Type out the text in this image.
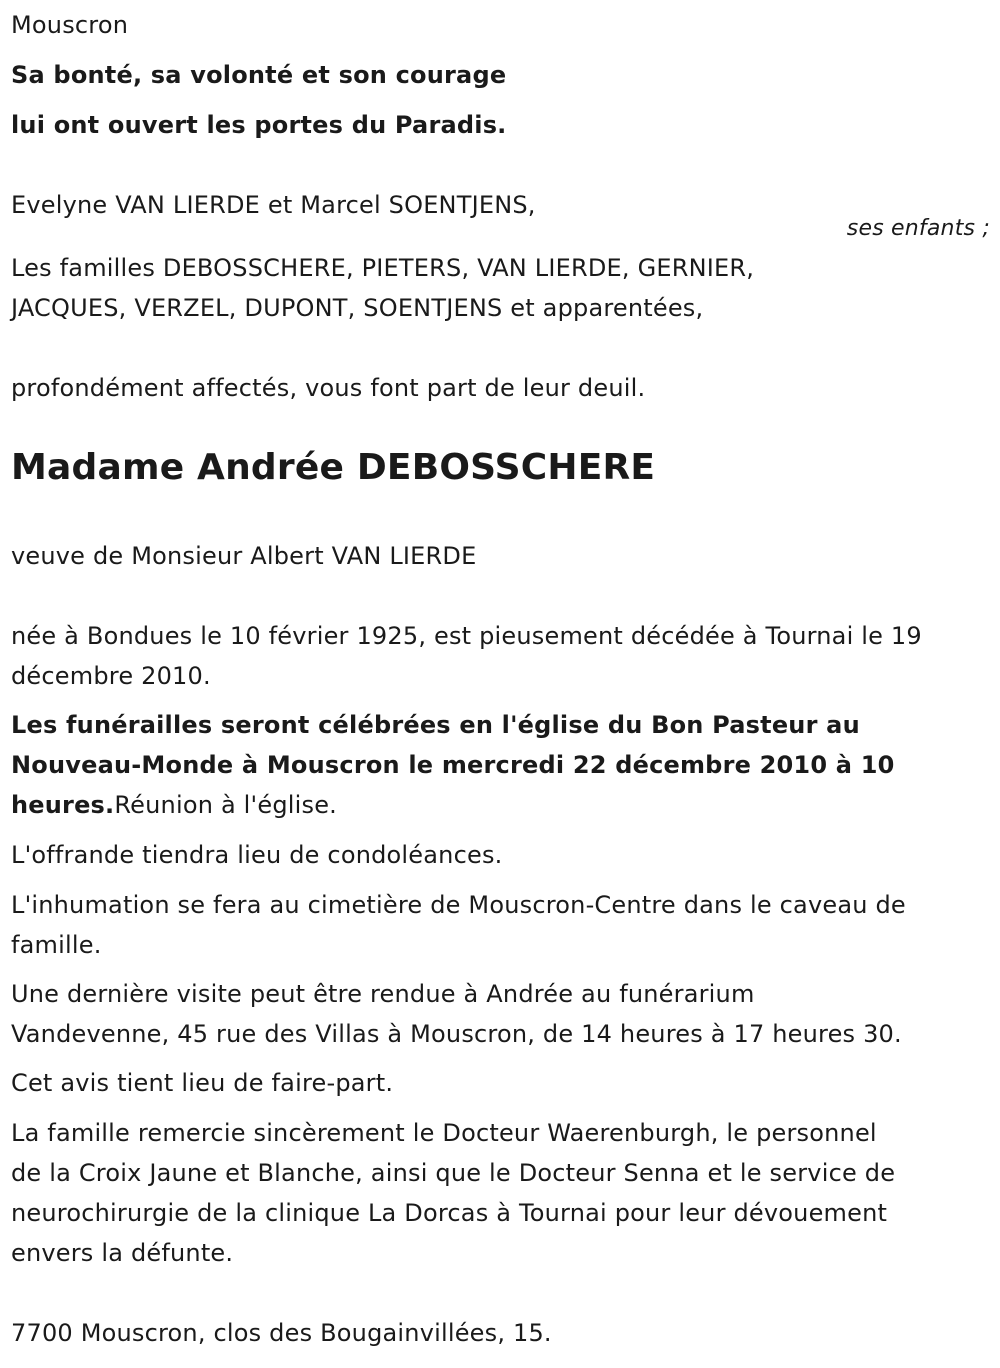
Mouscron
Sa bonté, sa volonté et son courage
lui ont ouvert les portes du Paradis.
Evelyne VAN LIERDE et Marcel SOENTJENS,
ses enfants ;
Les familles DEBOSSCHERE, PIETERS, VAN LIERDE, GERNIER,
JACQUES, VERZEL, DUPONT, SOENTJENS et apparentées,
profondément affectés, vous font part de leur deuil.
Madame Andrée DEBOSSCHERE
veuve de Monsieur Albert VAN LIERDE
née à Bondues le 10 février 1925, est pieusement décédée à Tournai le 19
décembre 2010.
Les funérailles seront célébrées en l'église du Bon Pasteur au
Nouveau-Monde à Mouscron le mercredi 22 décembre 2010 à 10
heures.Réunion à l'église.
L'offrande tiendra lieu de condoléances.
L'inhumation se fera au cimetière de Mouscron-Centre dans le caveau de
famille.
Une dernière visite peut être rendue à Andrée au funérarium
Vandevenne, 45 rue des Villas à Mouscron, de 14 heures à 17 heures 30.
Cet avis tient lieu de faire-part.
La famille remercie sincèrement le Docteur Waerenburgh, le personnel
de la Croix Jaune et Blanche, ainsi que le Docteur Senna et le service de
neurochirurgie de la clinique La Dorcas à Tournai pour leur dévouement
envers la défunte.
7700 Mouscron, clos des Bougainvillées, 15.
